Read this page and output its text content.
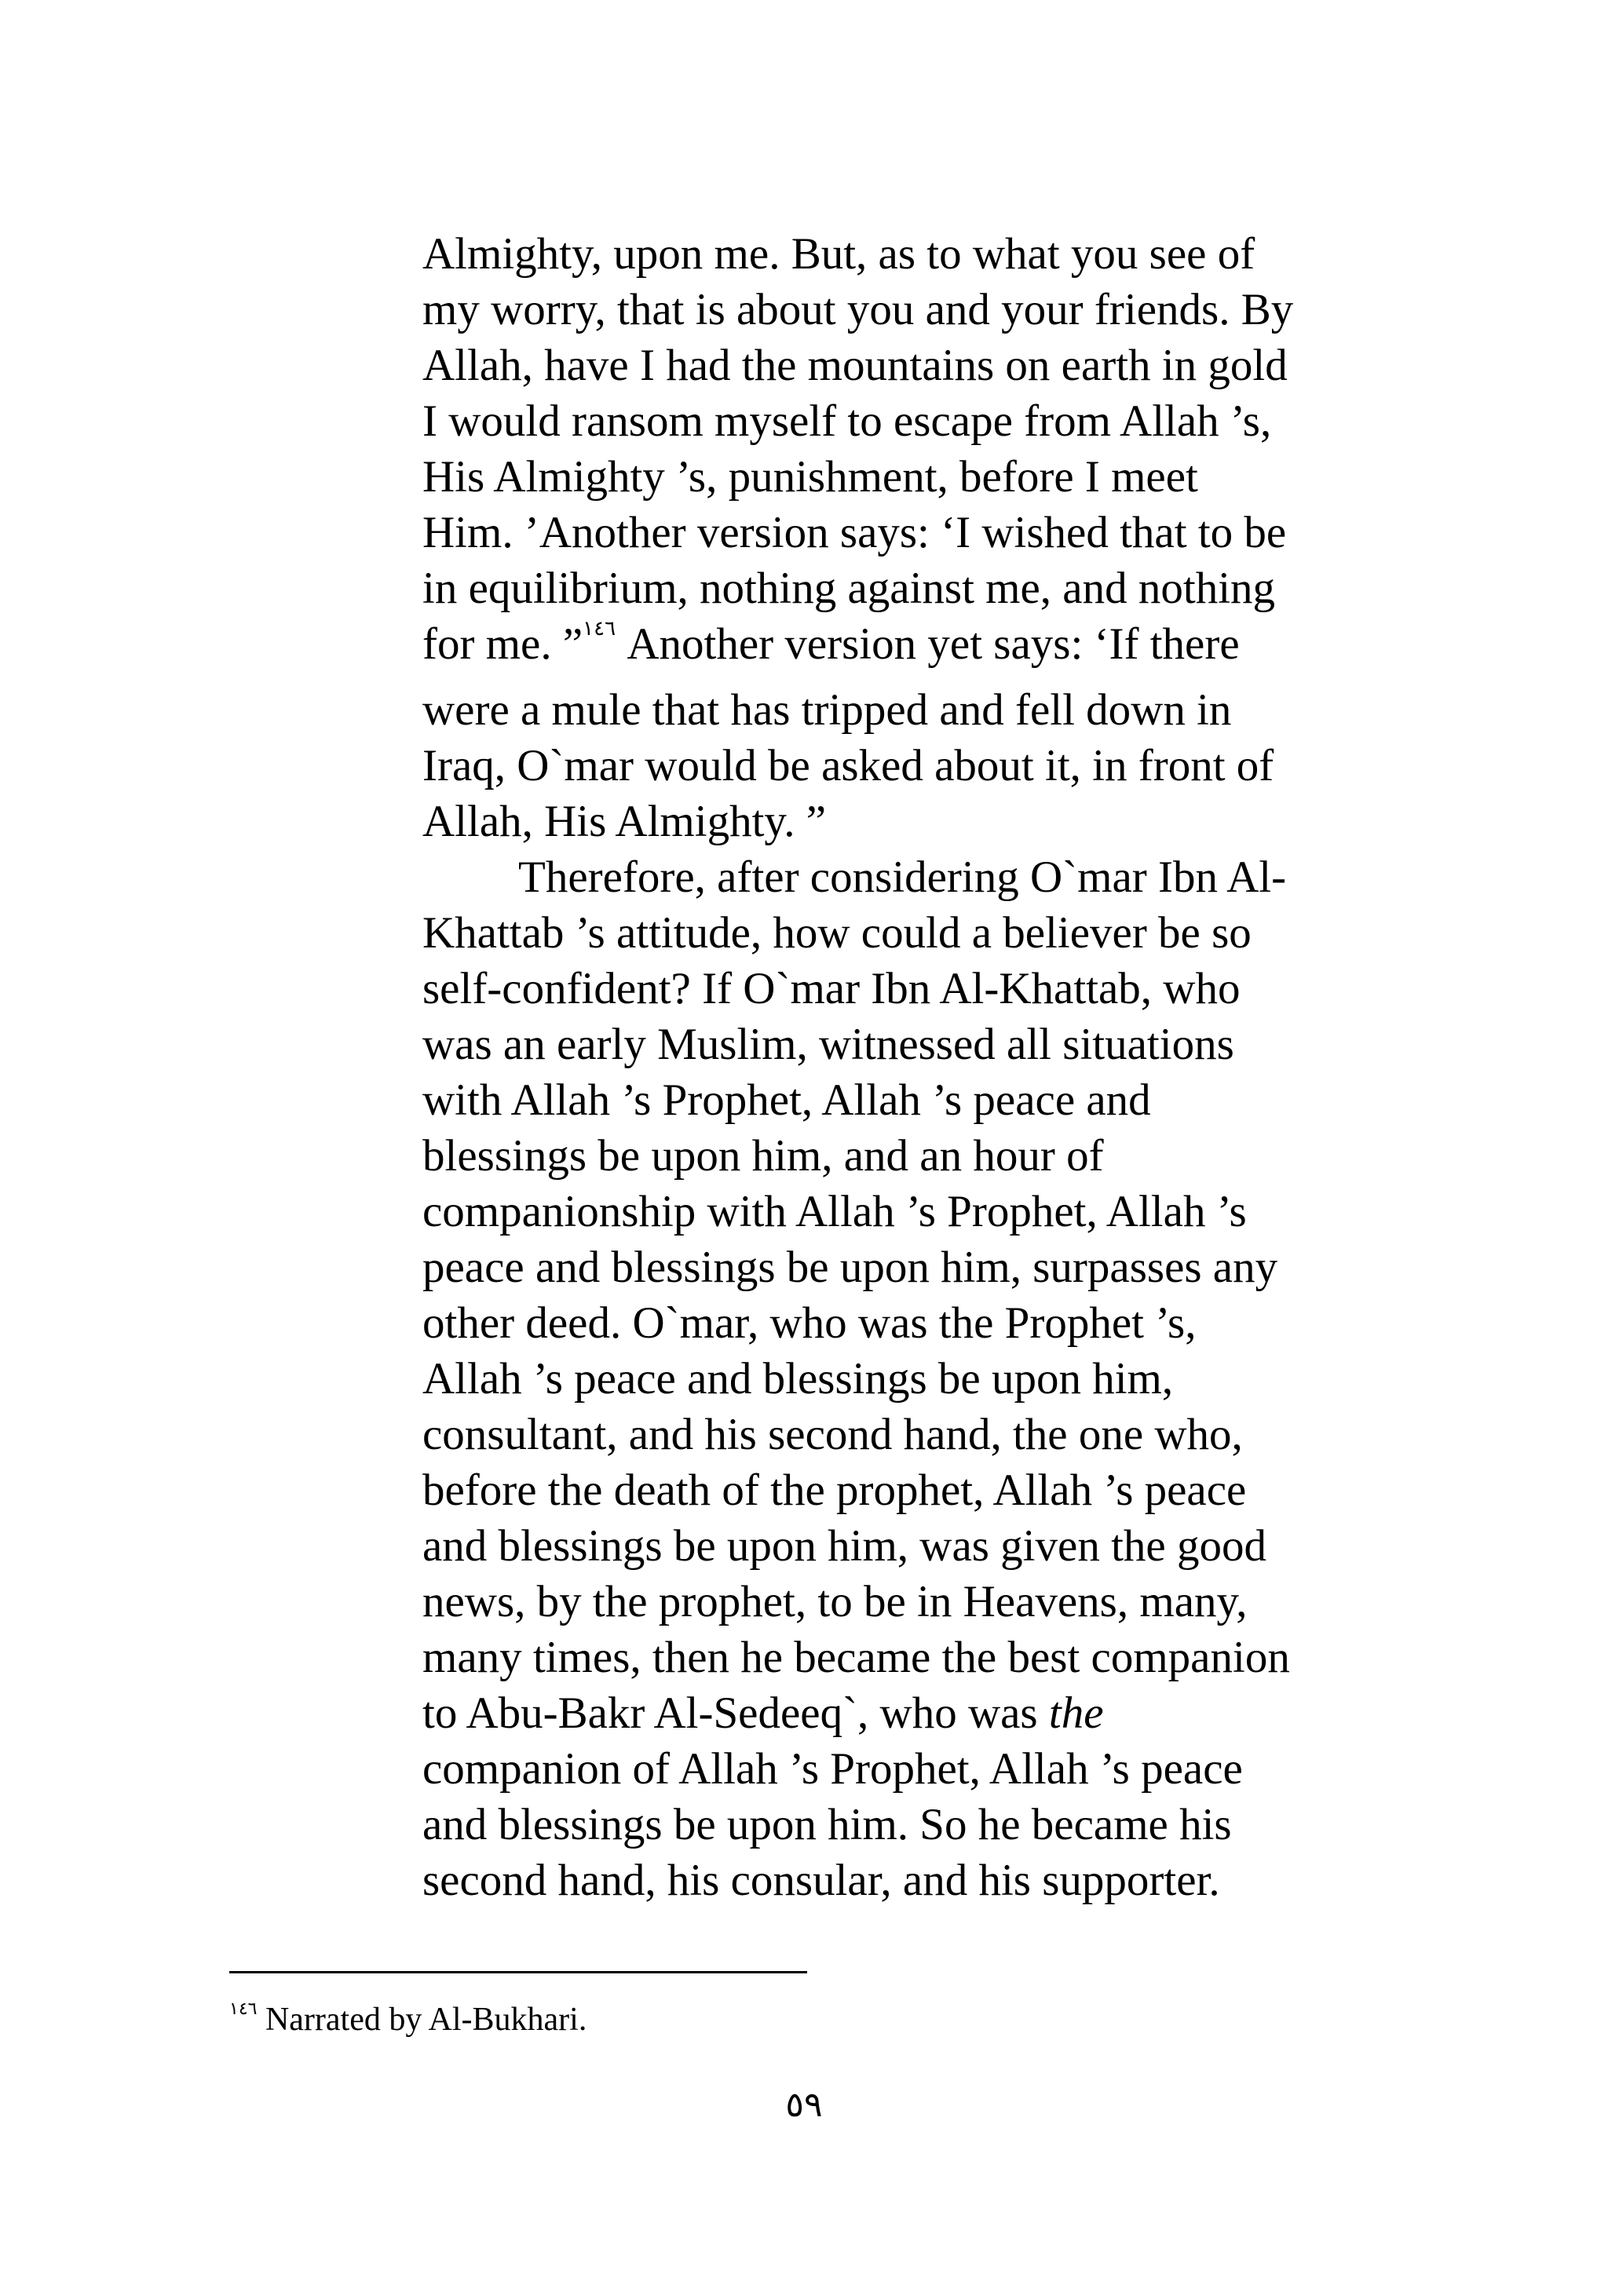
Almighty, upon me. But, as to what you see of
my worry, that is about you and your friends. By
Allah, have I had the mountains on earth in gold
I would ransom myself to escape from Allah ’s,
His Almighty ’s, punishment, before I meet
Him. ’Another version says: ‘I wished that to be
in equilibrium, nothing against me, and nothing
for me. ”$^{١٤٦}$ Another version yet says: ‘If there
were a mule that has tripped and fell down in
Iraq, O`mar would be asked about it, in front of
Allah, His Almighty. ”
Therefore, after considering O`mar Ibn Al-
Khattab ’s attitude, how could a believer be so
self-confident? If O`mar Ibn Al-Khattab, who
was an early Muslim, witnessed all situations
with Allah ’s Prophet, Allah ’s peace and
blessings be upon him, and an hour of
companionship with Allah ’s Prophet, Allah ’s
peace and blessings be upon him, surpasses any
other deed. O`mar, who was the Prophet ’s,
Allah ’s peace and blessings be upon him,
consultant, and his second hand, the one who,
before the death of the prophet, Allah ’s peace
and blessings be upon him, was given the good
news, by the prophet, to be in Heavens, many,
many times, then he became the best companion
to Abu-Bakr Al-Sedeeq`, who was the
companion of Allah ’s Prophet, Allah ’s peace
and blessings be upon him. So he became his
second hand, his consular, and his supporter.
$^{١٤٦}$ Narrated by Al-Bukhari.
٥٩
